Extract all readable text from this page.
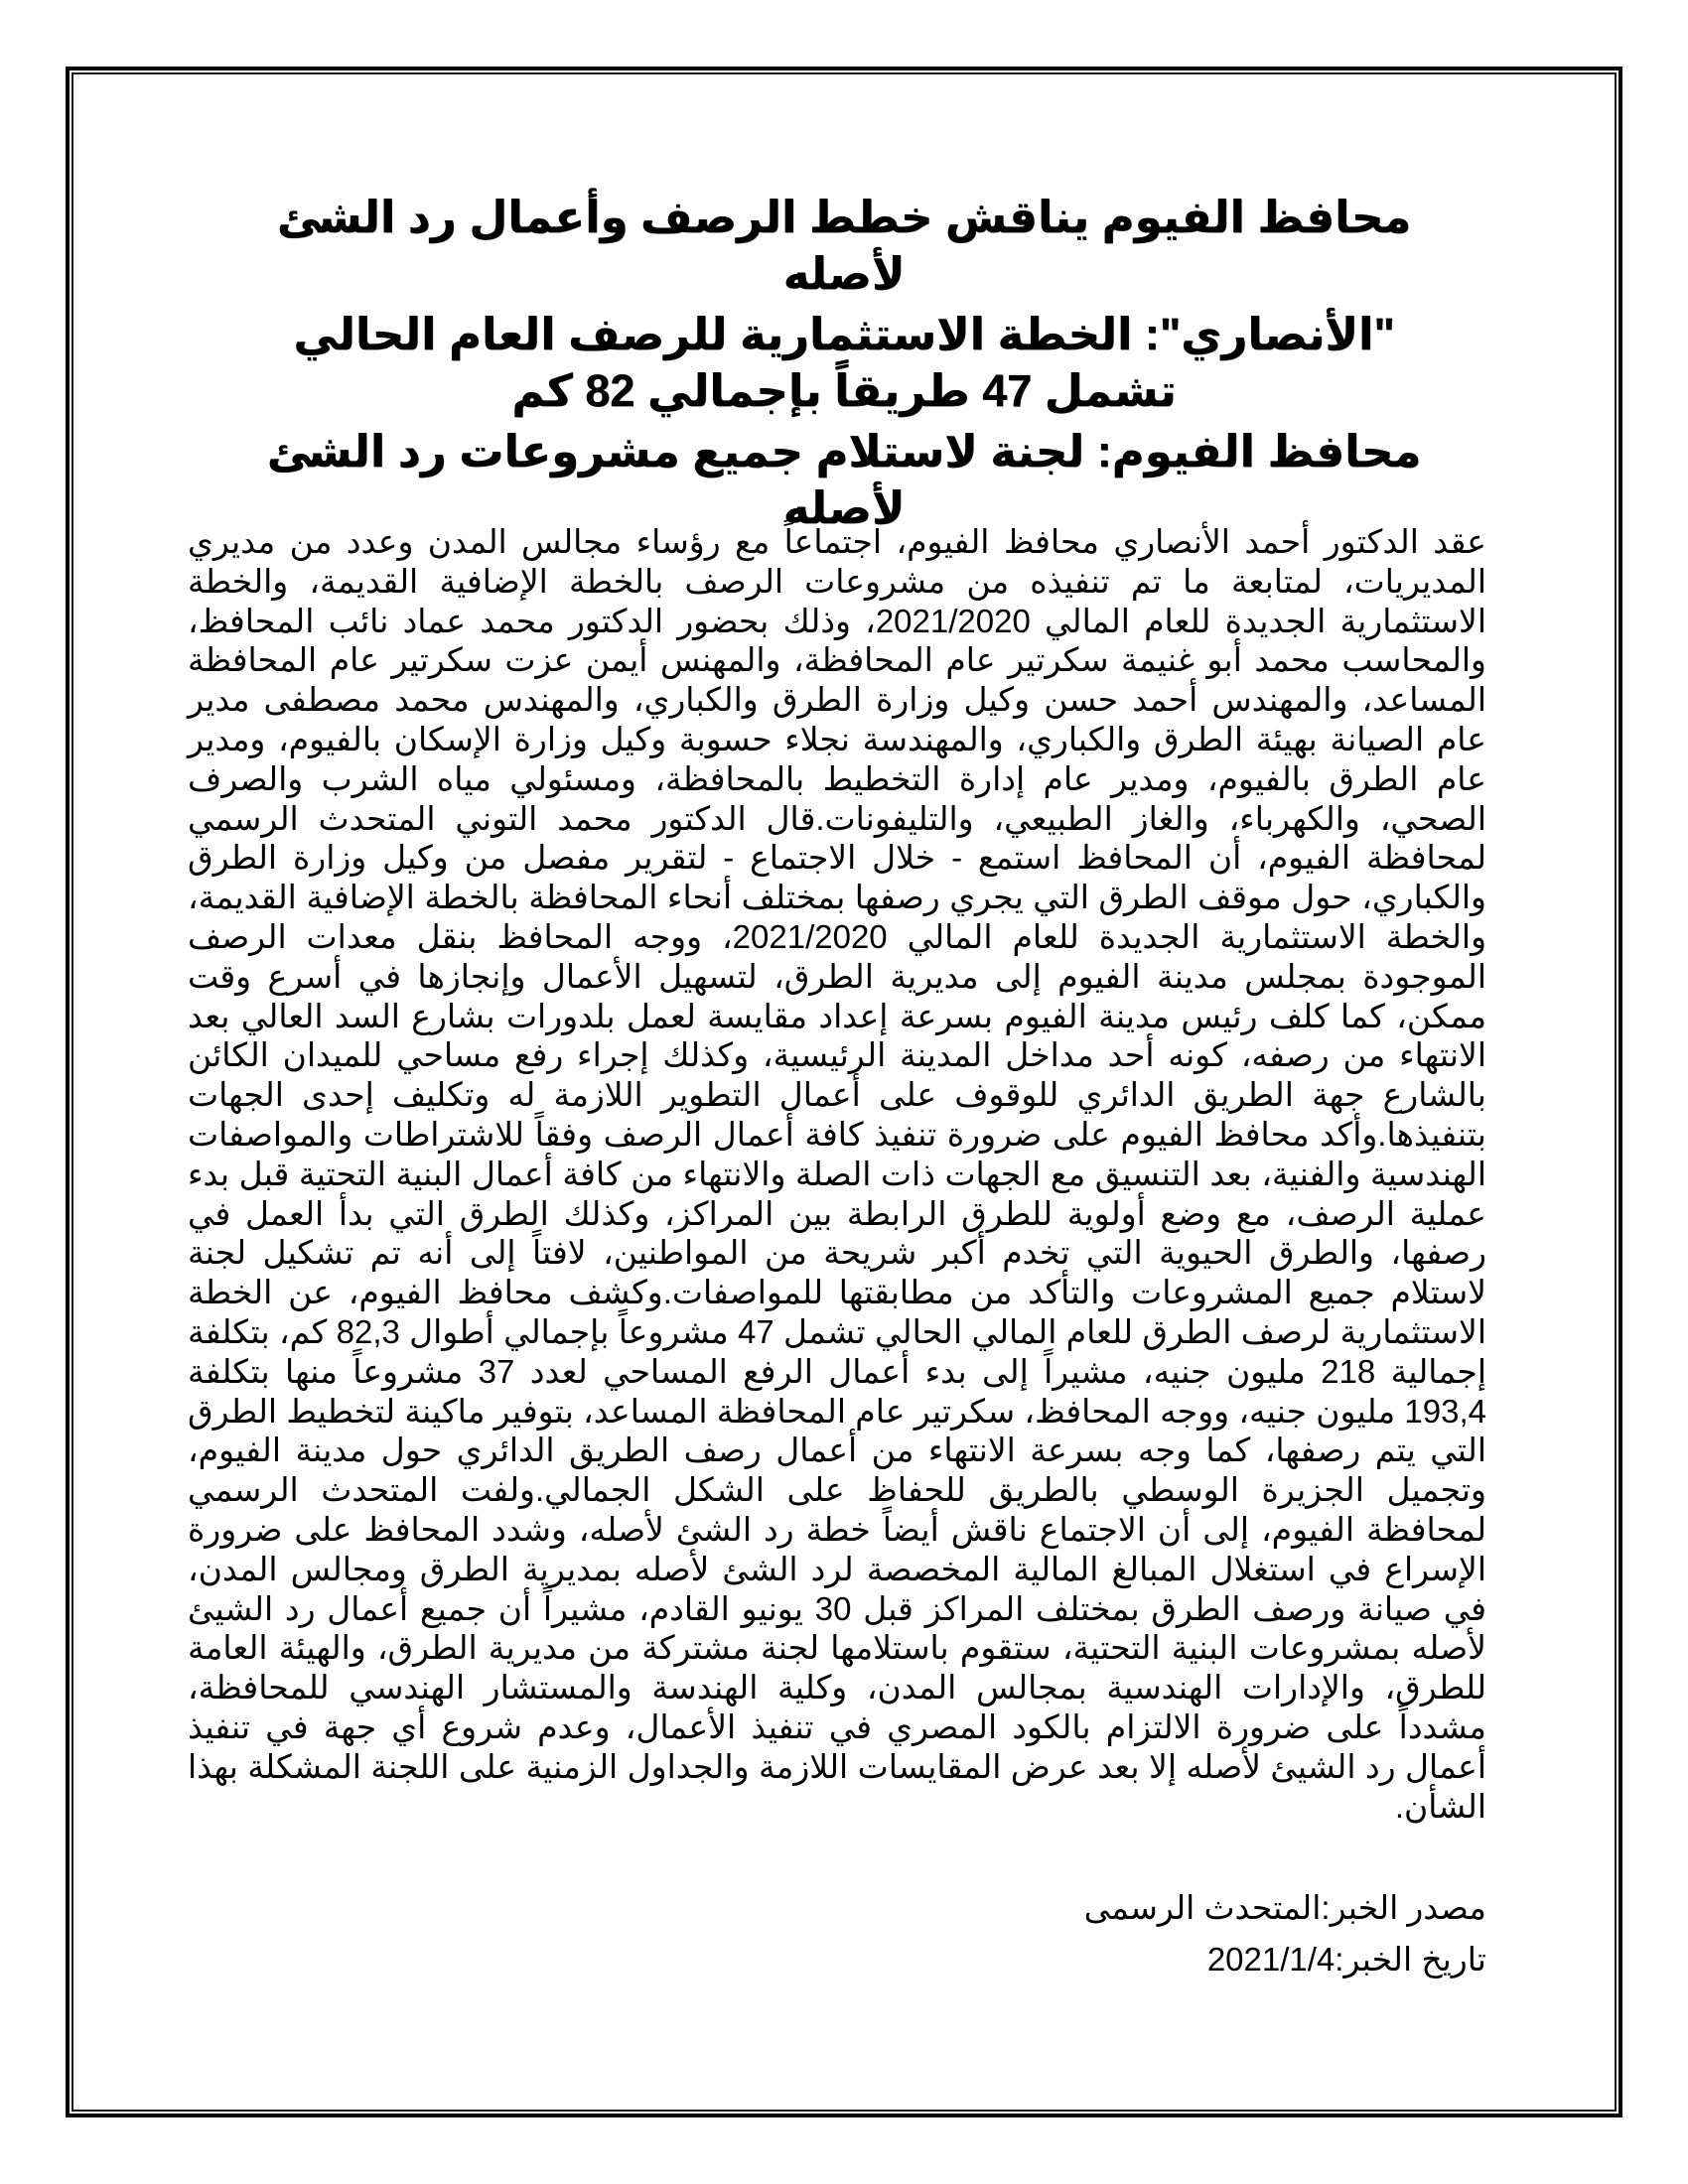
محافظ الفيوم يناقش خطط الرصف وأعمال رد الشئ لأصله
"الأنصاري": الخطة الاستثمارية للرصف العام الحالي تشمل 47 طريقاً بإجمالي 82 كم
محافظ الفيوم: لجنة لاستلام جميع مشروعات رد الشئ لأصله

عقد الدكتور أحمد الأنصاري محافظ الفيوم، اجتماعاً مع رؤساء مجالس المدن وعدد من مديري المديريات، لمتابعة ما تم تنفيذه من مشروعات الرصف بالخطة الإضافية القديمة، والخطة الاستثمارية الجديدة للعام المالي 2021/2020، وذلك بحضور الدكتور محمد عماد نائب المحافظ، والمحاسب محمد أبو غنيمة سكرتير عام المحافظة، والمهنس أيمن عزت سكرتير عام المحافظة المساعد، والمهندس أحمد حسن وكيل وزارة الطرق والكباري، والمهندس محمد مصطفى مدير عام الصيانة بهيئة الطرق والكباري، والمهندسة نجلاء حسوبة وكيل وزارة الإسكان بالفيوم، ومدير عام الطرق بالفيوم، ومدير عام إدارة التخطيط بالمحافظة، ومسئولي مياه الشرب والصرف الصحي، والكهرباء، والغاز الطبيعي، والتليفونات.قال الدكتور محمد التوني المتحدث الرسمي لمحافظة الفيوم، أن المحافظ استمع - خلال الاجتماع - لتقرير مفصل من وكيل وزارة الطرق والكباري، حول موقف الطرق التي يجري رصفها بمختلف أنحاء المحافظة بالخطة الإضافية القديمة، والخطة الاستثمارية الجديدة للعام المالي 2021/2020، ووجه المحافظ بنقل معدات الرصف الموجودة بمجلس مدينة الفيوم إلى مديرية الطرق، لتسهيل الأعمال وإنجازها في أسرع وقت ممكن، كما كلف رئيس مدينة الفيوم بسرعة إعداد مقايسة لعمل بلدورات بشارع السد العالي بعد الانتهاء من رصفه، كونه أحد مداخل المدينة الرئيسية، وكذلك إجراء رفع مساحي للميدان الكائن بالشارع جهة الطريق الدائري للوقوف على أعمال التطوير اللازمة له وتكليف إحدى الجهات بتنفيذها.وأكد محافظ الفيوم على ضرورة تنفيذ كافة أعمال الرصف وفقاً للاشتراطات والمواصفات الهندسية والفنية، بعد التنسيق مع الجهات ذات الصلة والانتهاء من كافة أعمال البنية التحتية قبل بدء عملية الرصف، مع وضع أولوية للطرق الرابطة بين المراكز، وكذلك الطرق التي بدأ العمل في رصفها، والطرق الحيوية التي تخدم أكبر شريحة من المواطنين، لافتاً إلى أنه تم تشكيل لجنة لاستلام جميع المشروعات والتأكد من مطابقتها للمواصفات.وكشف محافظ الفيوم، عن الخطة الاستثمارية لرصف الطرق للعام المالي الحالي تشمل 47 مشروعاً بإجمالي أطوال 82,3 كم، بتكلفة إجمالية 218 مليون جنيه، مشيراً إلى بدء أعمال الرفع المساحي لعدد 37 مشروعاً منها بتكلفة 193,4 مليون جنيه، ووجه المحافظ، سكرتير عام المحافظة المساعد، بتوفير ماكينة لتخطيط الطرق التي يتم رصفها، كما وجه بسرعة الانتهاء من أعمال رصف الطريق الدائري حول مدينة الفيوم، وتجميل الجزيرة الوسطي بالطريق للحفاظ على الشكل الجمالي.ولفت المتحدث الرسمي لمحافظة الفيوم، إلى أن الاجتماع ناقش أيضاً خطة رد الشئ لأصله، وشدد المحافظ على ضرورة الإسراع في استغلال المبالغ المالية المخصصة لرد الشئ لأصله بمديرية الطرق ومجالس المدن، في صيانة ورصف الطرق بمختلف المراكز قبل 30 يونيو القادم، مشيراً أن جميع أعمال رد الشيئ لأصله بمشروعات البنية التحتية، ستقوم باستلامها لجنة مشتركة من مديرية الطرق، والهيئة العامة للطرق، والإدارات الهندسية بمجالس المدن، وكلية الهندسة والمستشار الهندسي للمحافظة، مشدداً على ضرورة الالتزام بالكود المصري في تنفيذ الأعمال، وعدم شروع أي جهة في تنفيذ أعمال رد الشيئ لأصله إلا بعد عرض المقايسات اللازمة والجداول الزمنية على اللجنة المشكلة بهذا الشأن.

مصدر الخبر:المتحدث الرسمى
تاريخ الخبر:2021/1/4
